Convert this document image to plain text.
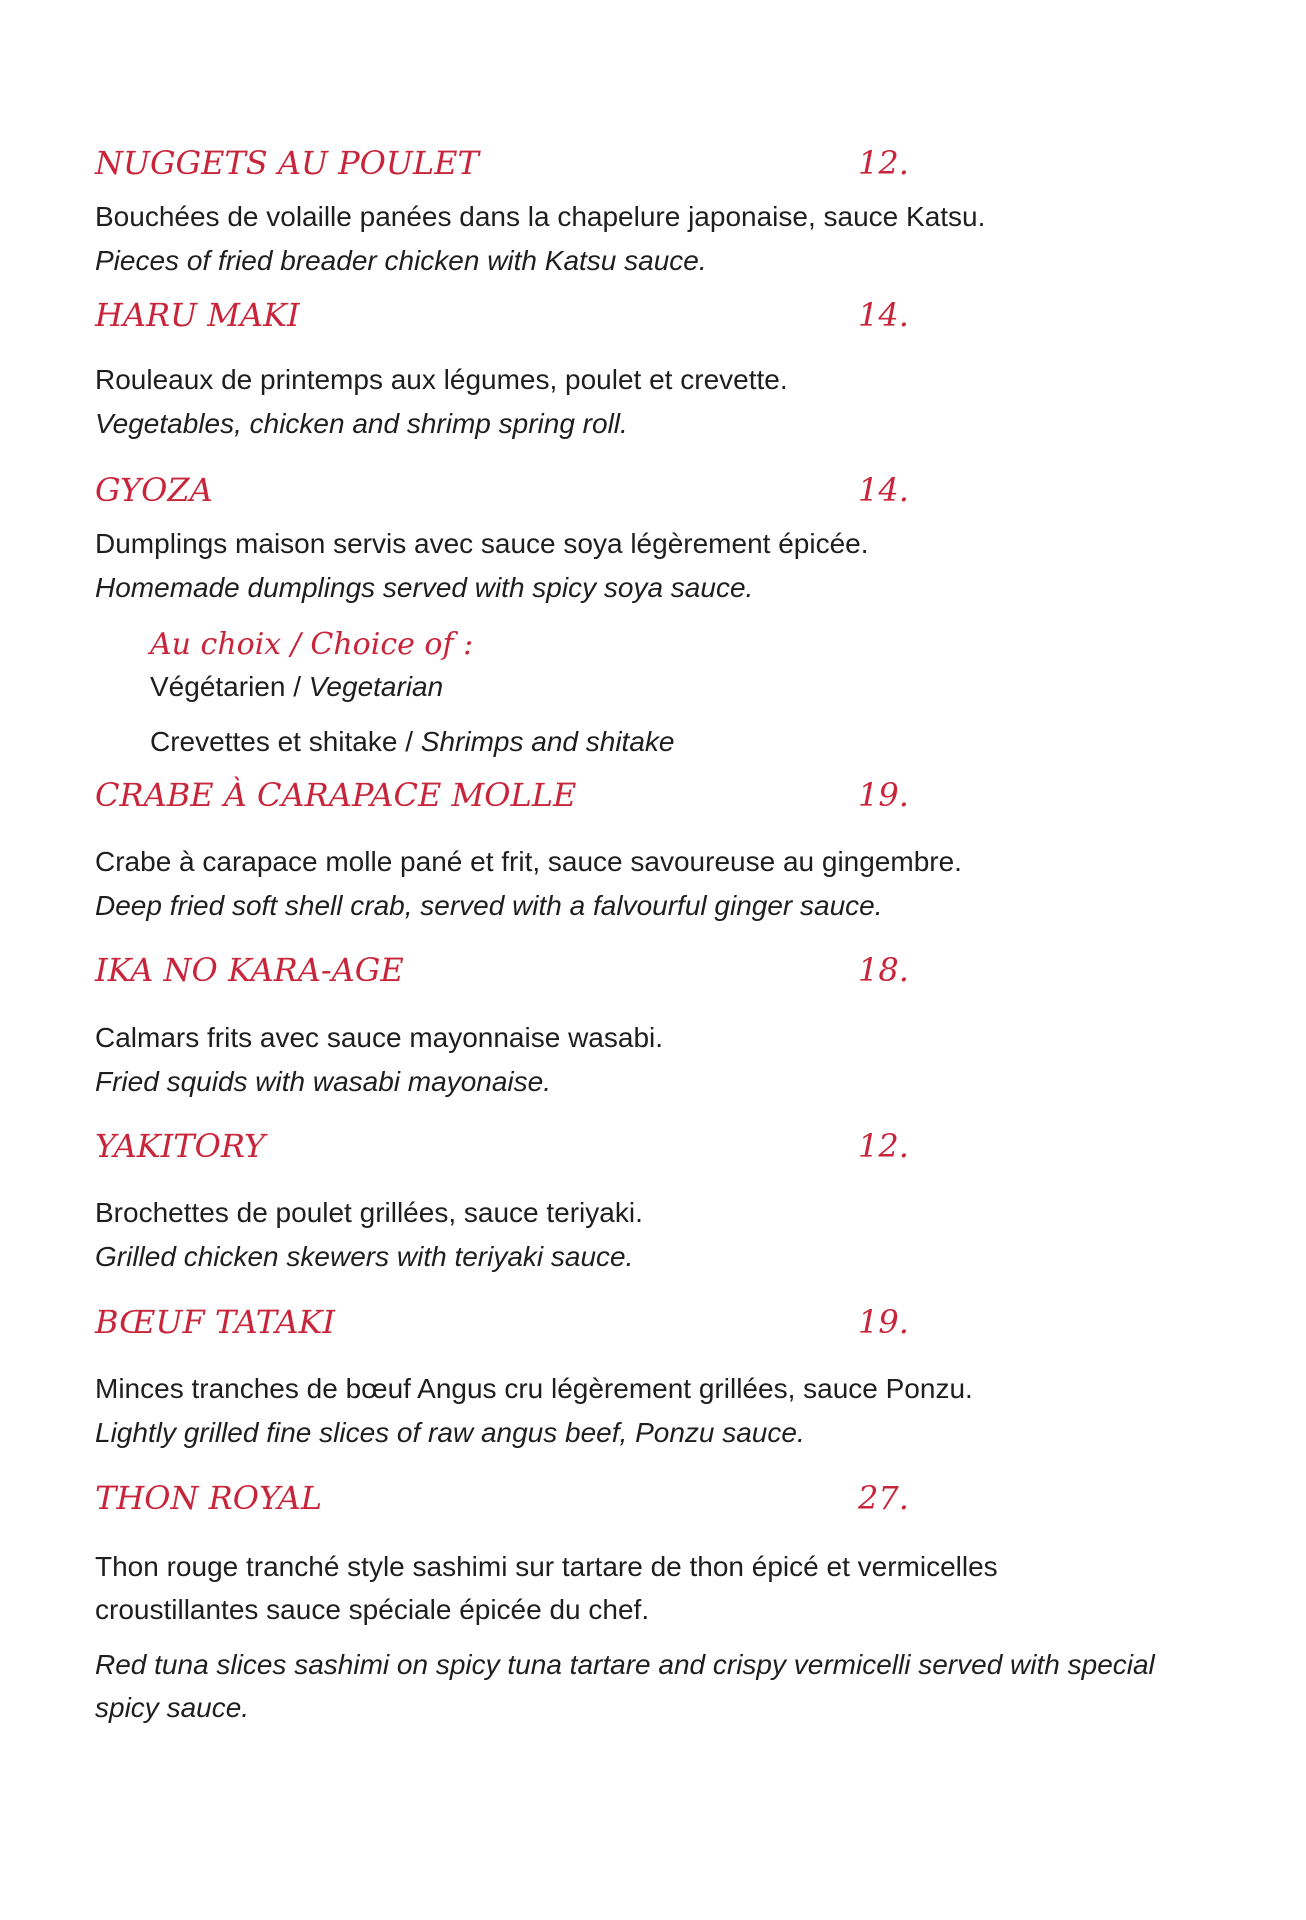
NUGGETS AU POULET	12.
Bouchées de volaille panées dans la chapelure japonaise, sauce Katsu.
Pieces of fried breader chicken with Katsu sauce.
HARU MAKI	14.
Rouleaux de printemps aux légumes, poulet et crevette.
Vegetables, chicken and shrimp spring roll.
GYOZA	14.
Dumplings maison servis avec sauce soya légèrement épicée.
Homemade dumplings served with spicy soya sauce.
Au choix / Choice of :
Végétarien / Vegetarian
Crevettes et shitake / Shrimps and shitake
CRABE À CARAPACE MOLLE	19.
Crabe à carapace molle pané et frit, sauce savoureuse au gingembre.
Deep fried soft shell crab, served with a falvourful ginger sauce.
IKA NO KARA-AGE	18.
Calmars frits avec sauce mayonnaise wasabi.
Fried squids with wasabi mayonaise.
YAKITORY	12.
Brochettes de poulet grillées, sauce teriyaki.
Grilled chicken skewers with teriyaki sauce.
BŒUF TATAKI	19.
Minces tranches de bœuf Angus cru légèrement grillées, sauce Ponzu.
Lightly grilled fine slices of raw angus beef, Ponzu sauce.
THON ROYAL	27.
Thon rouge tranché style sashimi sur tartare de thon épicé et vermicelles croustillantes sauce spéciale épicée du chef.
Red tuna slices sashimi on spicy tuna tartare and crispy vermicelli served with special spicy sauce.
